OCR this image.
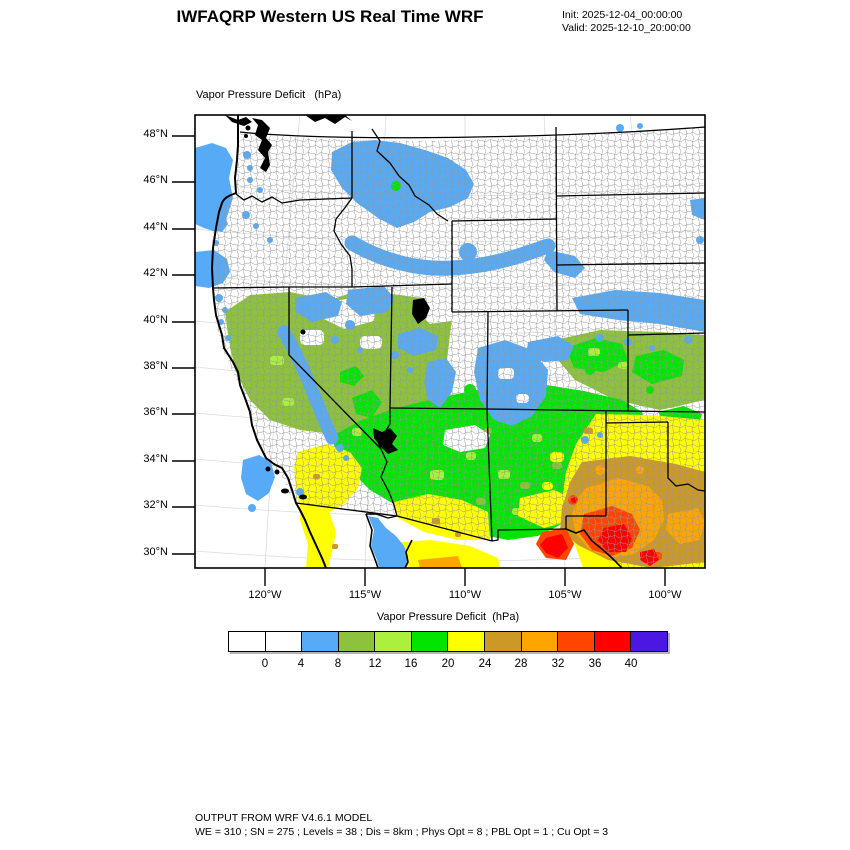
IWFAQRP Western US Real Time WRF	Init: 2025-12-04_00:00:00
Valid: 2025-12-10_20:00:00
Vapor Pressure Deficit   (hPa)
48°N
46°N
44°N
42°N
40°N
38°N
36°N
34°N
32°N
30°N
120°W	115°W	110°W	105°W	100°W
Vapor Pressure Deficit  (hPa)
0	4	8	12	16	20	24	28	32	36	40
OUTPUT FROM WRF V4.6.1 MODEL
WE = 310 ; SN = 275 ; Levels = 38 ; Dis = 8km ; Phys Opt = 8 ; PBL Opt = 1 ; Cu Opt = 3
